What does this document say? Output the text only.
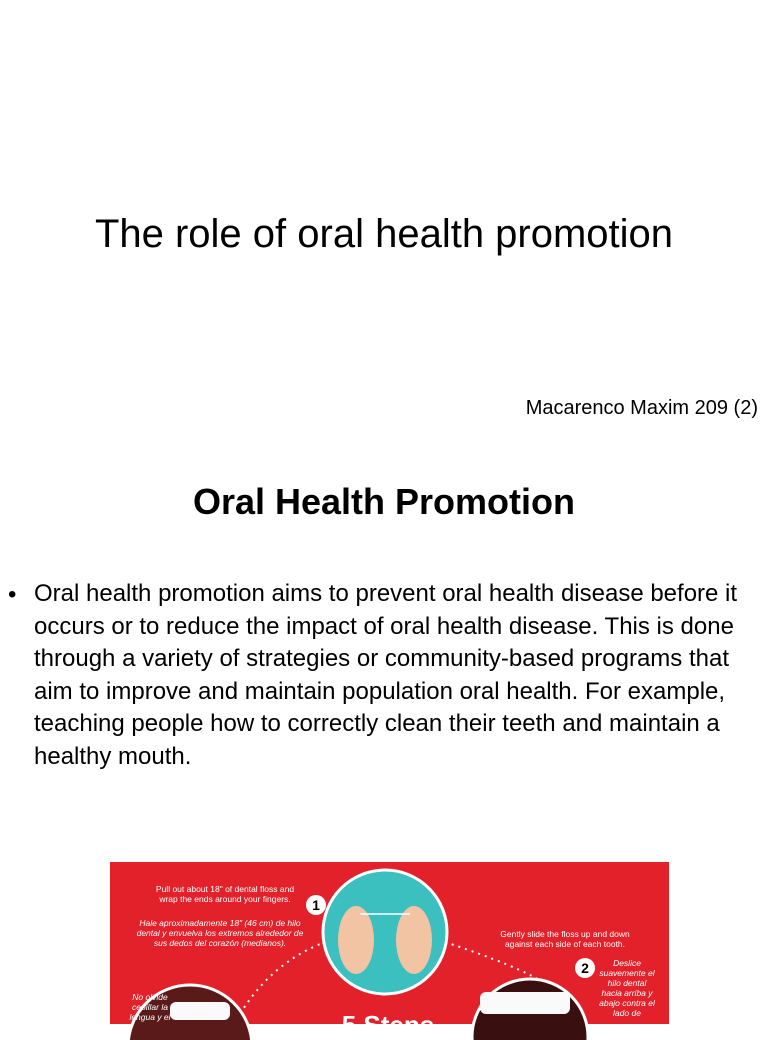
The role of oral health promotion
Macarenco Maxim 209 (2)
Oral Health Promotion
• Oral health promotion aims to prevent oral health disease before it occurs or to reduce the impact of oral health disease. This is done through a variety of strategies or community-based programs that aim to improve and maintain population oral health. For example, teaching people how to correctly clean their teeth and maintain a healthy mouth.
Pull out about 18" of dental floss and wrap the ends around your fingers.
Hale aproximadamente 18" (46 cm) de hilo dental y envuelva los extremos alrededor de sus dedos del corazón (medianos).
1
Gently slide the floss up and down against each side of each tooth.
2	Deslice suavemente el hilo dental hacia arriba y abajo contra el lado de
No olvide cepillar la lengua y el	5 Steps
